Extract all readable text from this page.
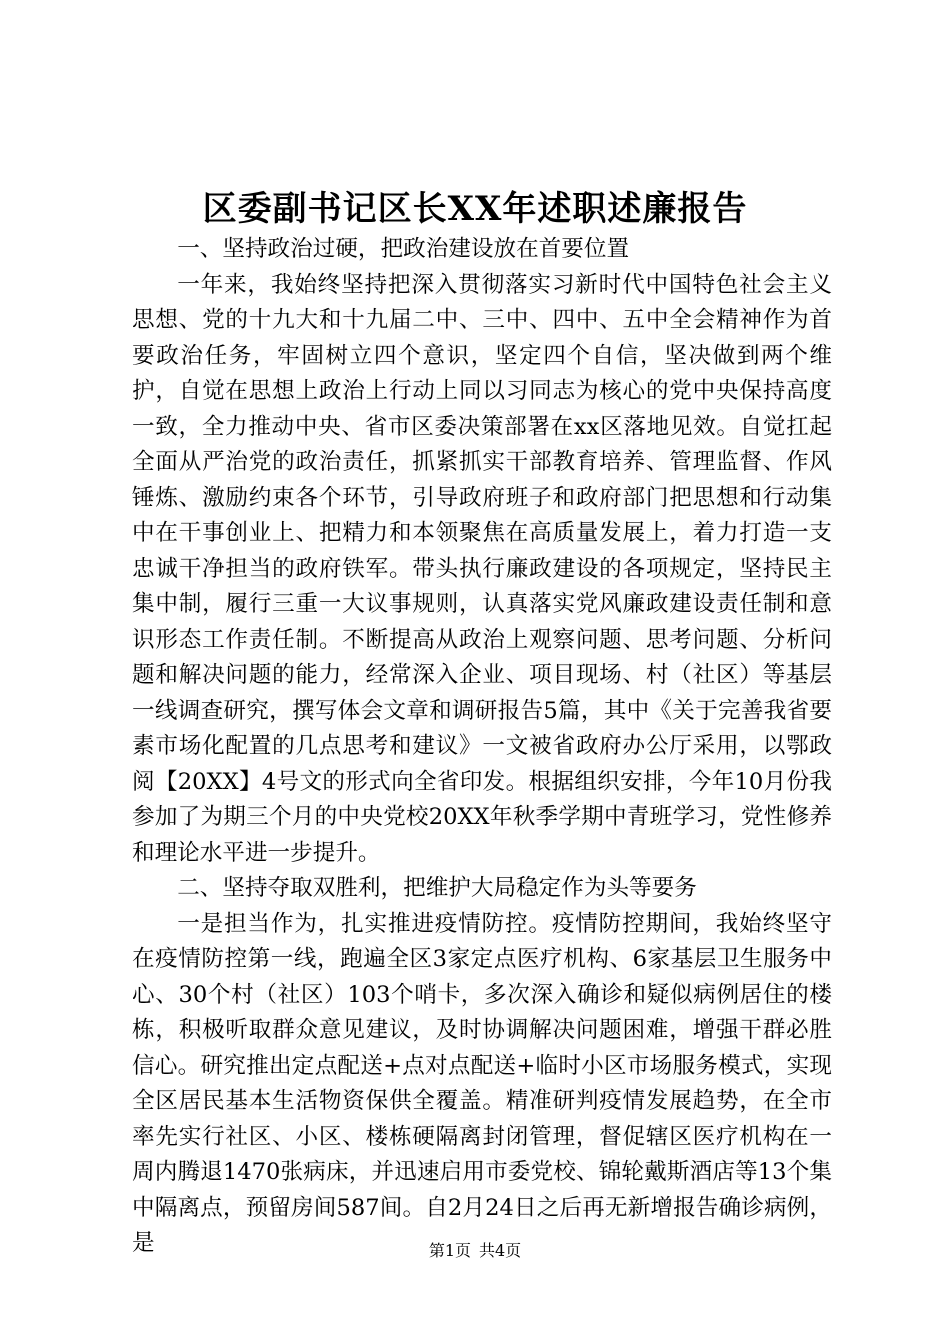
区委副书记区长XX年述职述廉报告

一、坚持政治过硬，把政治建设放在首要位置

一年来，我始终坚持把深入贯彻落实习新时代中国特色社会主义思想、党的十九大和十九届二中、三中、四中、五中全会精神作为首要政治任务，牢固树立四个意识，坚定四个自信，坚决做到两个维护，自觉在思想上政治上行动上同以习同志为核心的党中央保持高度一致，全力推动中央、省市区委决策部署在xx区落地见效。自觉扛起全面从严治党的政治责任，抓紧抓实干部教育培养、管理监督、作风锤炼、激励约束各个环节，引导政府班子和政府部门把思想和行动集中在干事创业上、把精力和本领聚焦在高质量发展上，着力打造一支忠诚干净担当的政府铁军。带头执行廉政建设的各项规定，坚持民主集中制，履行三重一大议事规则，认真落实党风廉政建设责任制和意识形态工作责任制。不断提高从政治上观察问题、思考问题、分析问题和解决问题的能力，经常深入企业、项目现场、村（社区）等基层一线调查研究，撰写体会文章和调研报告5篇，其中《关于完善我省要素市场化配置的几点思考和建议》一文被省政府办公厅采用，以鄂政阅【20XX】4号文的形式向全省印发。根据组织安排，今年10月份我参加了为期三个月的中央党校20XX年秋季学期中青班学习，党性修养和理论水平进一步提升。

二、坚持夺取双胜利，把维护大局稳定作为头等要务

一是担当作为，扎实推进疫情防控。疫情防控期间，我始终坚守在疫情防控第一线，跑遍全区3家定点医疗机构、6家基层卫生服务中心、30个村（社区）103个哨卡，多次深入确诊和疑似病例居住的楼栋，积极听取群众意见建议，及时协调解决问题困难，增强干群必胜信心。研究推出定点配送+点对点配送+临时小区市场服务模式，实现全区居民基本生活物资保供全覆盖。精准研判疫情发展趋势，在全市率先实行社区、小区、楼栋硬隔离封闭管理，督促辖区医疗机构在一周内腾退1470张病床，并迅速启用市委党校、锦轮戴斯酒店等13个集中隔离点，预留房间587间。自2月24日之后再无新增报告确诊病例，是	第1页 共4页
